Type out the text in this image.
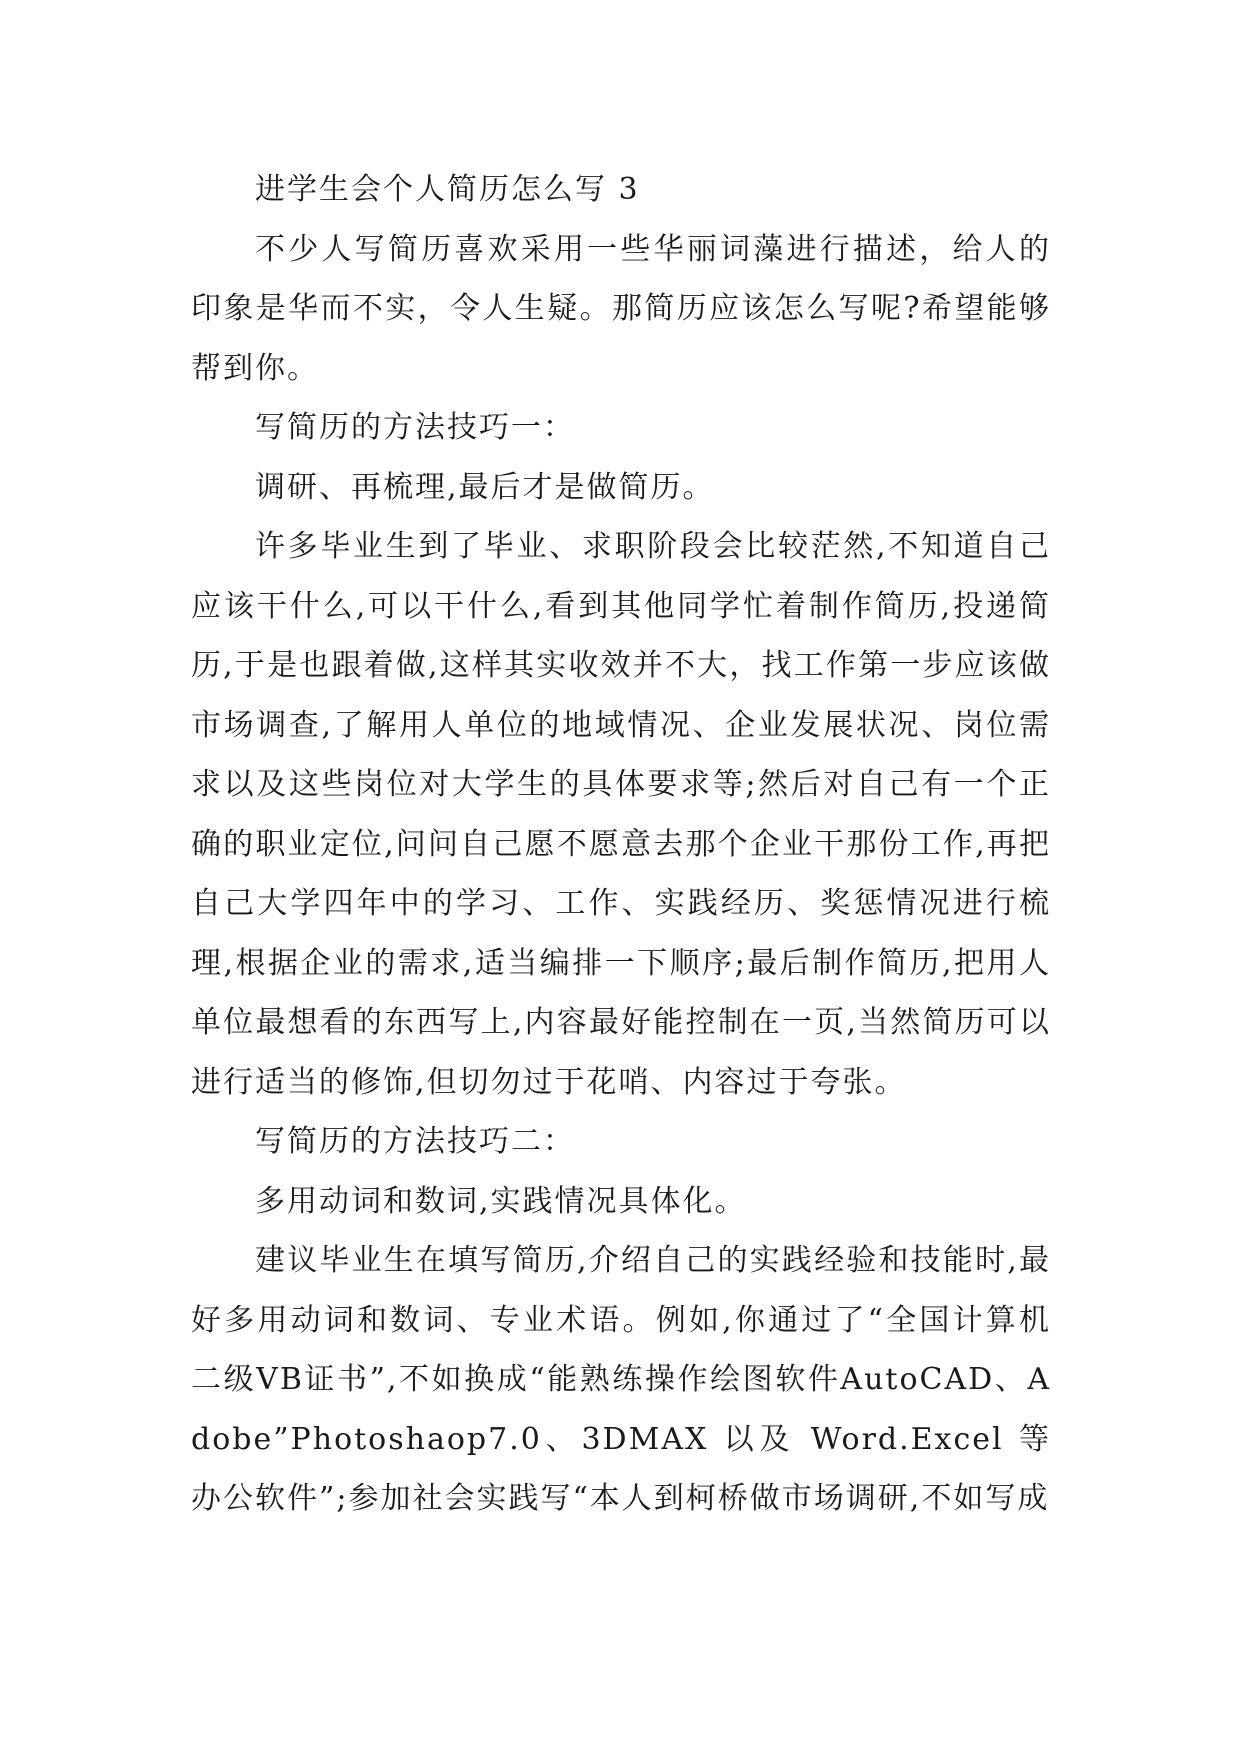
进学生会个人简历怎么写 3

不少人写简历喜欢采用一些华丽词藻进行描述，给人的印象是华而不实，令人生疑。那简历应该怎么写呢?希望能够帮到你。

写简历的方法技巧一：

调研、再梳理,最后才是做简历。

许多毕业生到了毕业、求职阶段会比较茫然,不知道自己应该干什么,可以干什么,看到其他同学忙着制作简历,投递简历,于是也跟着做,这样其实收效并不大，找工作第一步应该做市场调查,了解用人单位的地域情况、企业发展状况、岗位需求以及这些岗位对大学生的具体要求等;然后对自己有一个正确的职业定位,问问自己愿不愿意去那个企业干那份工作,再把自己大学四年中的学习、工作、实践经历、奖惩情况进行梳理,根据企业的需求,适当编排一下顺序;最后制作简历,把用人单位最想看的东西写上,内容最好能控制在一页,当然简历可以进行适当的修饰,但切勿过于花哨、内容过于夸张。

写简历的方法技巧二：

多用动词和数词,实践情况具体化。

建议毕业生在填写简历,介绍自己的实践经验和技能时,最好多用动词和数词、专业术语。例如,你通过了“全国计算机二级VB证书”,不如换成“能熟练操作绘图软件AutoCAD、Adobe”Photoshaop7.0、3DMAX 以及 Word.Excel 等办公软件”;参加社会实践写“本人到柯桥做市场调研,不如写成
